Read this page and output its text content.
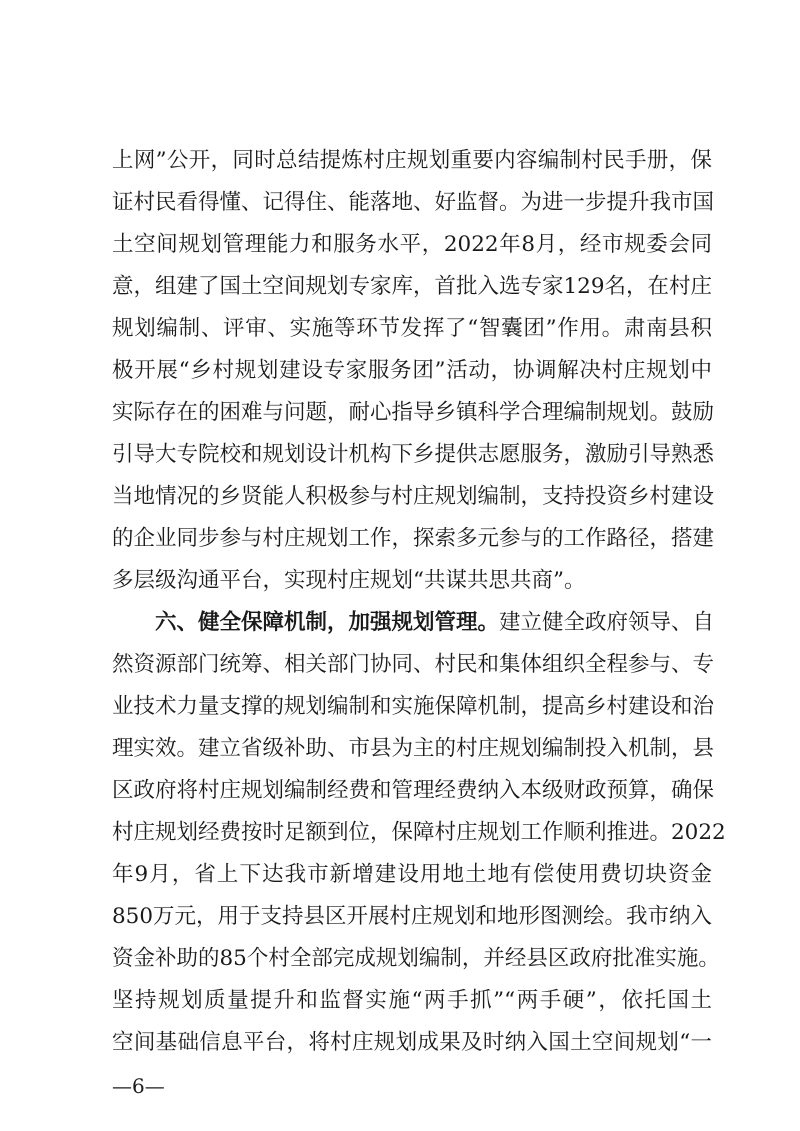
上网”公开，同时总结提炼村庄规划重要内容编制村民手册，保
证村民看得懂、记得住、能落地、好监督。为进一步提升我市国
土空间规划管理能力和服务水平，2022年8月，经市规委会同
意，组建了国土空间规划专家库，首批入选专家129名，在村庄
规划编制、评审、实施等环节发挥了“智囊团”作用。肃南县积
极开展“乡村规划建设专家服务团”活动，协调解决村庄规划中
实际存在的困难与问题，耐心指导乡镇科学合理编制规划。鼓励
引导大专院校和规划设计机构下乡提供志愿服务，激励引导熟悉
当地情况的乡贤能人积极参与村庄规划编制，支持投资乡村建设
的企业同步参与村庄规划工作，探索多元参与的工作路径，搭建
多层级沟通平台，实现村庄规划“共谋共思共商”。
六、健全保障机制，加强规划管理。建立健全政府领导、自
然资源部门统筹、相关部门协同、村民和集体组织全程参与、专
业技术力量支撑的规划编制和实施保障机制，提高乡村建设和治
理实效。建立省级补助、市县为主的村庄规划编制投入机制，县
区政府将村庄规划编制经费和管理经费纳入本级财政预算，确保
村庄规划经费按时足额到位，保障村庄规划工作顺利推进。2022
年9月，省上下达我市新增建设用地土地有偿使用费切块资金
850万元，用于支持县区开展村庄规划和地形图测绘。我市纳入
资金补助的85个村全部完成规划编制，并经县区政府批准实施。
坚持规划质量提升和监督实施“两手抓”“两手硬”，依托国土
空间基础信息平台，将村庄规划成果及时纳入国土空间规划“一
—6—
